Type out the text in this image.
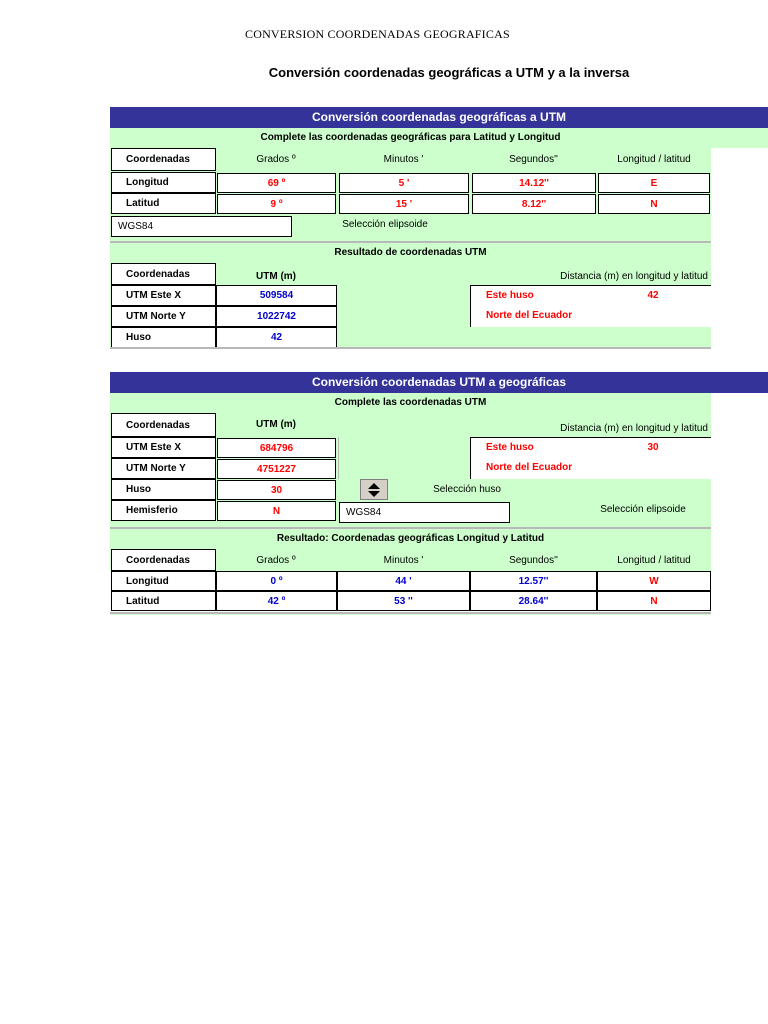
CONVERSION COORDENADAS GEOGRAFICAS
Conversión coordenadas geográficas a UTM y a la inversa
Conversión coordenadas geográficas a UTM
Complete las coordenadas geográficas para Latitud y Longitud
Coordenadas	Grados º	Minutos '	Segundos''	Longitud / latitud
Longitud	69 º	5 '	14.12''	E
Latitud	9 º	15 '	8.12''	N
WGS84	Selección elipsoide
Resultado de coordenadas UTM
Coordenadas	UTM (m)	Distancia (m) en longitud y latitud
UTM Este X	509584
UTM Norte Y	1022742
Huso	42
Este huso	42
Norte del Ecuador
Conversión coordenadas UTM a geográficas
Complete las coordenadas UTM
Coordenadas	UTM (m)	Distancia (m) en longitud y latitud
UTM Este X	684796
UTM Norte Y	4751227
Huso	30
Hemisferio	N
Este huso	30
Norte del Ecuador
Selección huso
WGS84	Selección elipsoide
Resultado: Coordenadas geográficas Longitud y Latitud
Coordenadas	Grados º	Minutos '	Segundos''	Longitud / latitud
Longitud	0 º	44 '	12.57''	W
Latitud	42 º	53 ''	28.64''	N
